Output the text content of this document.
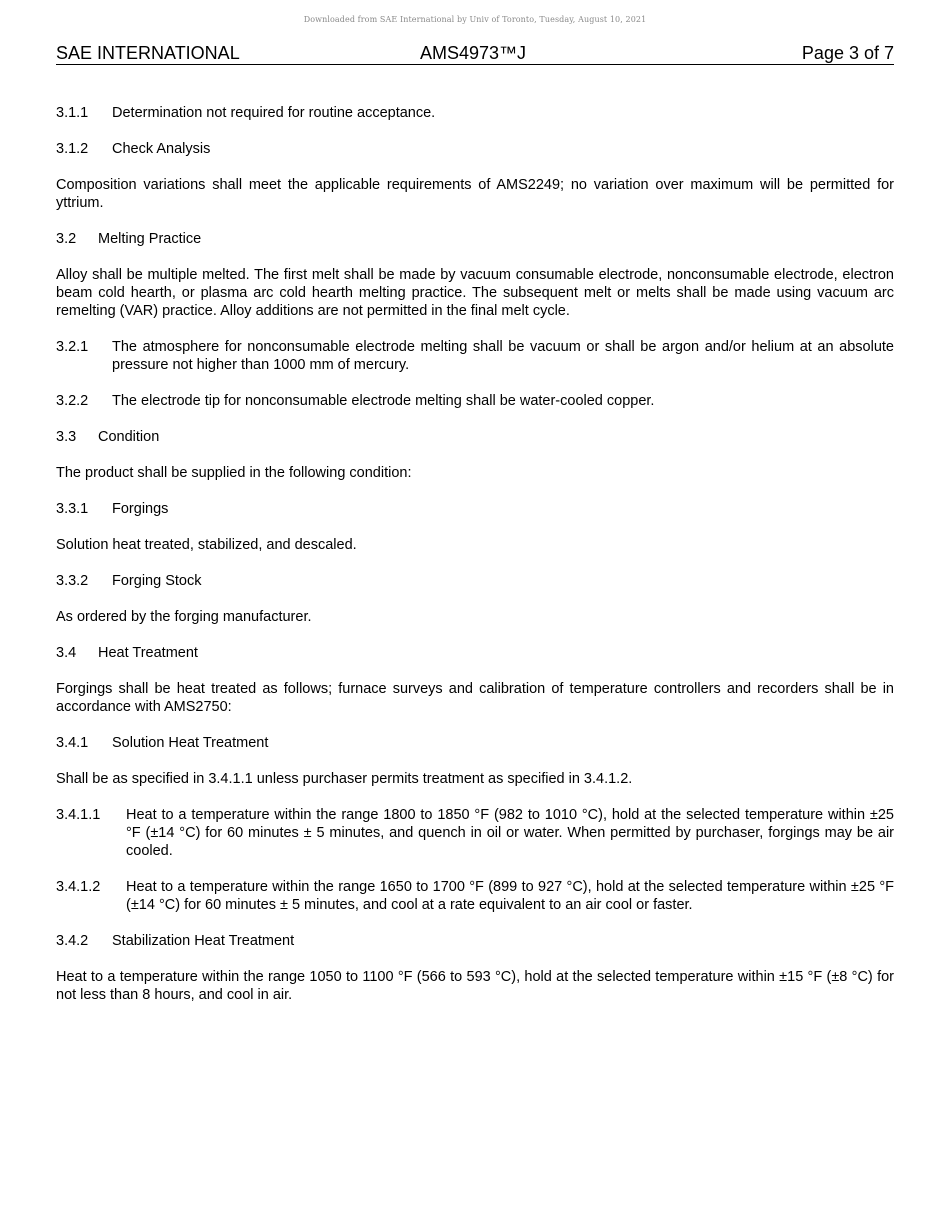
Downloaded from SAE International by Univ of Toronto, Tuesday, August 10, 2021
SAE INTERNATIONAL	AMS4973™J	Page 3 of 7
3.1.1 Determination not required for routine acceptance.
3.1.2 Check Analysis

Composition variations shall meet the applicable requirements of AMS2249; no variation over maximum will be permitted for yttrium.

3.2 Melting Practice

Alloy shall be multiple melted. The first melt shall be made by vacuum consumable electrode, nonconsumable electrode, electron beam cold hearth, or plasma arc cold hearth melting practice. The subsequent melt or melts shall be made using vacuum arc remelting (VAR) practice. Alloy additions are not permitted in the final melt cycle.

3.2.1	The atmosphere for nonconsumable electrode melting shall be vacuum or shall be argon and/or helium at an absolute pressure not higher than 1000 mm of mercury.
3.2.2	The electrode tip for nonconsumable electrode melting shall be water-cooled copper.
3.3 Condition

The product shall be supplied in the following condition:

3.3.1 Forgings

Solution heat treated, stabilized, and descaled.

3.3.2 Forging Stock

As ordered by the forging manufacturer.

3.4 Heat Treatment

Forgings shall be heat treated as follows; furnace surveys and calibration of temperature controllers and recorders shall be in accordance with AMS2750:

3.4.1 Solution Heat Treatment

Shall be as specified in 3.4.1.1 unless purchaser permits treatment as specified in 3.4.1.2.

3.4.1.1	Heat to a temperature within the range 1800 to 1850 °F (982 to 1010 °C), hold at the selected temperature within ±25 °F (±14 °C) for 60 minutes ± 5 minutes, and quench in oil or water. When permitted by purchaser, forgings may be air cooled.
3.4.1.2	Heat to a temperature within the range 1650 to 1700 °F (899 to 927 °C), hold at the selected temperature within ±25 °F (±14 °C) for 60 minutes ± 5 minutes, and cool at a rate equivalent to an air cool or faster.
3.4.2 Stabilization Heat Treatment

Heat to a temperature within the range 1050 to 1100 °F (566 to 593 °C), hold at the selected temperature within ±15 °F (±8 °C) for not less than 8 hours, and cool in air.
